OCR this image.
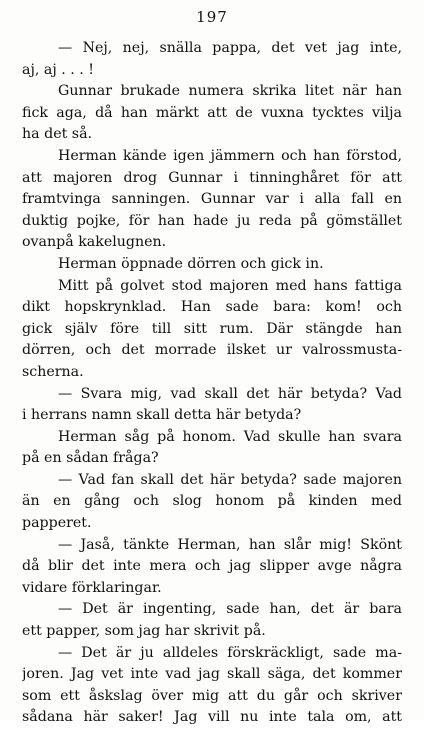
197
— Nej, nej, snälla pappa, det vet jag inte,
aj, aj . . . !
Gunnar brukade numera skrika litet när han
fick aga, då han märkt att de vuxna tycktes vilja
ha det så.
Herman kände igen jämmern och han förstod,
att majoren drog Gunnar i tinninghåret för att
framtvinga sanningen. Gunnar var i alla fall en
duktig pojke, för han hade ju reda på gömstället
ovanpå kakelugnen.
Herman öppnade dörren och gick in.
Mitt på golvet stod majoren med hans fattiga
dikt hopskrynklad. Han sade bara: kom! och
gick själv före till sitt rum. Där stängde han
dörren, och det morrade ilsket ur valrossmusta-
scherna.
— Svara mig, vad skall det här betyda? Vad
i herrans namn skall detta här betyda?
Herman såg på honom. Vad skulle han svara
på en sådan fråga?
— Vad fan skall det här betyda? sade majoren
än en gång och slog honom på kinden med
papperet.
— Jaså, tänkte Herman, han slår mig! Skönt
då blir det inte mera och jag slipper avge några
vidare förklaringar.
— Det är ingenting, sade han, det är bara
ett papper, som jag har skrivit på.
— Det är ju alldeles förskräckligt, sade ma-
joren. Jag vet inte vad jag skall säga, det kommer
som ett åskslag över mig att du går och skriver
sådana här saker! Jag vill nu inte tala om, att
